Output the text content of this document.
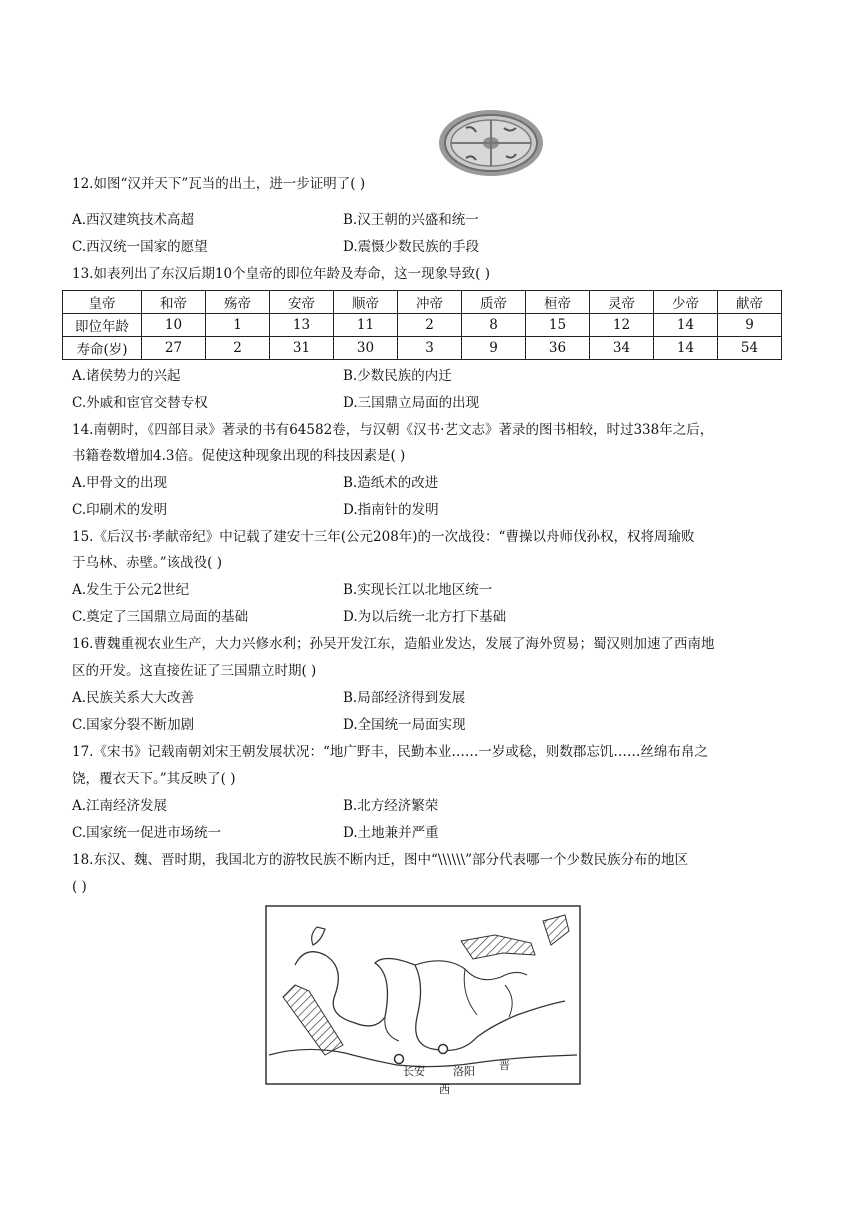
12.如图“汉并天下”瓦当的出土，进一步证明了( )
A.西汉建筑技术高超	B.汉王朝的兴盛和统一
C.西汉统一国家的愿望	D.震慑少数民族的手段
13.如表列出了东汉后期10个皇帝的即位年龄及寿命，这一现象导致( )
皇帝	和帝	殇帝	安帝	顺帝	冲帝	质帝	桓帝	灵帝	少帝	献帝
即位年龄	10	1	13	11	2	8	15	12	14	9
寿命(岁)	27	2	31	30	3	9	36	34	14	54
A.诸侯势力的兴起	B.少数民族的内迁
C.外戚和宦官交替专权	D.三国鼎立局面的出现
14.南朝时，《四部目录》著录的书有64582卷，与汉朝《汉书·艺文志》著录的图书相较，时过338年之后，
书籍卷数增加4.3倍。促使这种现象出现的科技因素是( )
A.甲骨文的出现	B.造纸术的改进
C.印刷术的发明	D.指南针的发明
15.《后汉书·孝献帝纪》中记载了建安十三年(公元208年)的一次战役：“曹操以舟师伐孙权，权将周瑜败
于乌林、赤壁。”该战役( )
A.发生于公元2世纪	B.实现长江以北地区统一
C.奠定了三国鼎立局面的基础	D.为以后统一北方打下基础
16.曹魏重视农业生产，大力兴修水利；孙吴开发江东，造船业发达，发展了海外贸易；蜀汉则加速了西南地
区的开发。这直接佐证了三国鼎立时期( )
A.民族关系大大改善	B.局部经济得到发展
C.国家分裂不断加剧	D.全国统一局面实现
17.《宋书》记载南朝刘宋王朝发展状况：“地广野丰，民勤本业……一岁或稔，则数郡忘饥……丝绵布帛之
饶，覆衣天下。”其反映了( )
A.江南经济发展	B.北方经济繁荣
C.国家统一促进市场统一	D.土地兼并严重
18.东汉、魏、晋时期，我国北方的游牧民族不断内迁，图中“\\\\\\”部分代表哪一个少数民族分布的地区
( )
长安	洛阳 晋
西
